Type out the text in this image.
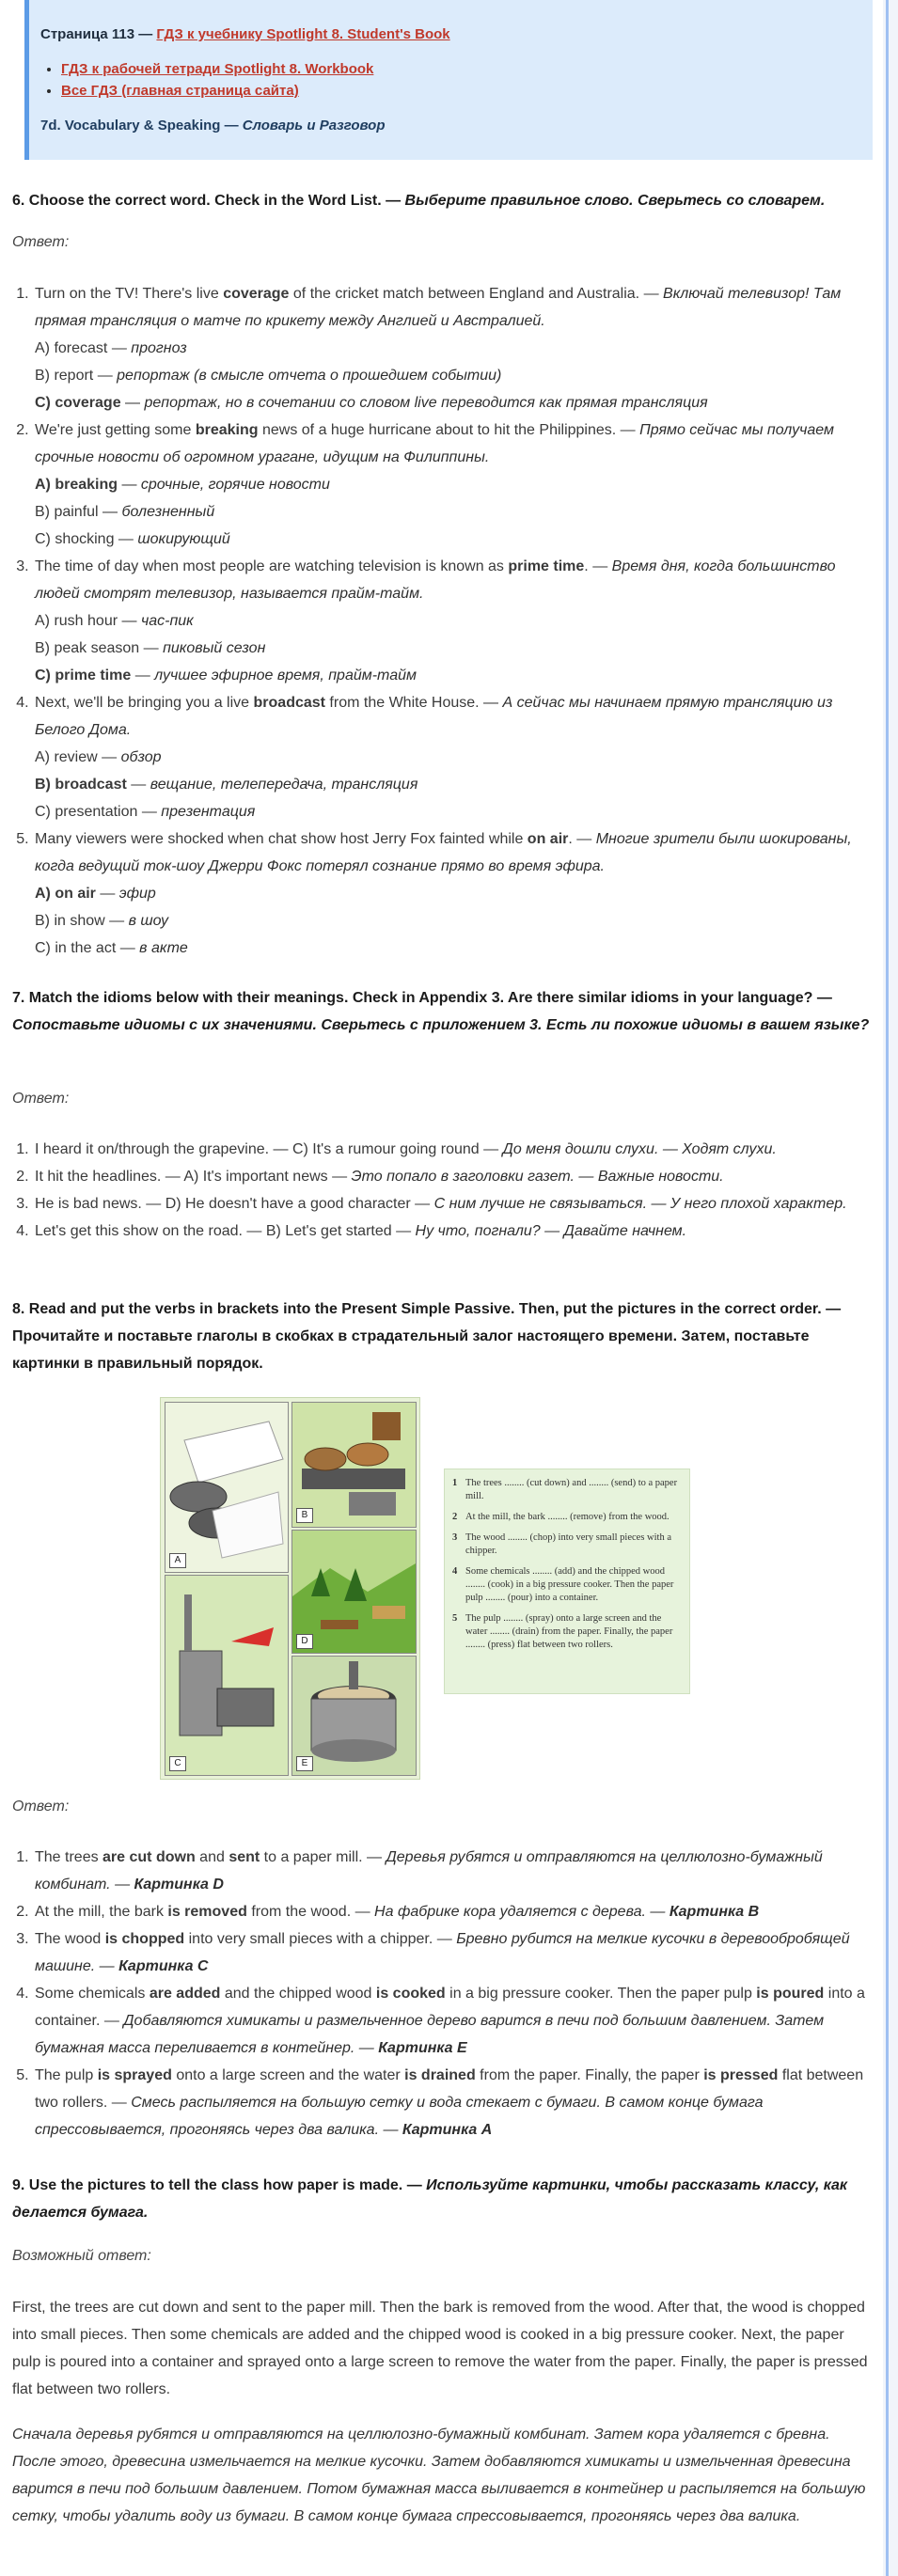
Страница 113 — ГДЗ к учебнику Spotlight 8. Student's Book
• ГДЗ к рабочей тетради Spotlight 8. Workbook
• Все ГДЗ (главная страница сайта)
7d. Vocabulary & Speaking — Словарь и Разговор
6. Choose the correct word. Check in the Word List. — Выберите правильное слово. Сверьтесь со словарем.

Ответ:

1. Turn on the TV! There's live coverage of the cricket match between England and Australia. — Включай телевизор! Там прямая трансляция о матче по крикету между Англией и Австралией.
A) forecast — прогноз
B) report — репортаж (в смысле отчета о прошедшем событии)
C) coverage — репортаж, но в сочетании со словом live переводится как прямая трансляция
2. We're just getting some breaking news of a huge hurricane about to hit the Philippines. — Прямо сейчас мы получаем срочные новости об огромном урагане, идущим на Филиппины.
A) breaking — срочные, горячие новости
B) painful — болезненный
C) shocking — шокирующий
3. The time of day when most people are watching television is known as prime time. — Время дня, когда большинство людей смотрят телевизор, называется прайм-тайм.
A) rush hour — час-пик
B) peak season — пиковый сезон
C) prime time — лучшее эфирное время, прайм-тайм
4. Next, we'll be bringing you a live broadcast from the White House. — А сейчас мы начинаем прямую трансляцию из Белого Дома.
A) review — обзор
B) broadcast — вещание, телепередача, трансляция
C) presentation — презентация
5. Many viewers were shocked when chat show host Jerry Fox fainted while on air. — Многие зрители были шокированы, когда ведущий ток-шоу Джерри Фокс потерял сознание прямо во время эфира.
A) on air — эфир
B) in show — в шоу
C) in the act — в акте
7. Match the idioms below with their meanings. Check in Appendix 3. Are there similar idioms in your language? — Сопоставьте идиомы с их значениями. Сверьтесь с приложением 3. Есть ли похожие идиомы в вашем языке?

Ответ:

1. I heard it on/through the grapevine. — C) It's a rumour going round — До меня дошли слухи. — Ходят слухи.
2. It hit the headlines. — A) It's important news — Это попало в заголовки газет. — Важные новости.
3. He is bad news. — D) He doesn't have a good character — С ним лучше не связываться. — У него плохой характер.
4. Let's get this show on the road. — B) Let's get started — Ну что, погнали? — Давайте начнем.
8. Read and put the verbs in brackets into the Present Simple Passive. Then, put the pictures in the correct order. — Прочитайте и поставьте глаголы в скобках в страдательный залог настоящего времени. Затем, поставьте картинки в правильный порядок.
A
B
D
C	E
1 The trees ........ (cut down) and ........ (send) to a paper mill.
2 At the mill, the bark ........ (remove) from the wood.
3 The wood ........ (chop) into very small pieces with a chipper.
4 Some chemicals ........ (add) and the chipped wood ........ (cook) in a big pressure cooker. Then the paper pulp ........ (pour) into a container.
5 The pulp ........ (spray) onto a large screen and the water ........ (drain) from the paper. Finally, the paper ........ (press) flat between two rollers.

Ответ:

1. The trees are cut down and sent to a paper mill. — Деревья рубятся и отправляются на целлюлозно-бумажный комбинат. — Картинка D
2. At the mill, the bark is removed from the wood. — На фабрике кора удаляется с дерева. — Картинка B
3. The wood is chopped into very small pieces with a chipper. — Бревно рубится на мелкие кусочки в деревообробящей машине. — Картинка C
4. Some chemicals are added and the chipped wood is cooked in a big pressure cooker. Then the paper pulp is poured into a container. — Добавляются химикаты и размельченное дерево варится в печи под большим давлением. Затем бумажная масса переливается в контейнер. — Картинка E
5. The pulp is sprayed onto a large screen and the water is drained from the paper. Finally, the paper is pressed flat between two rollers. — Смесь распыляется на большую сетку и вода стекает с бумаги. В самом конце бумага спрессовывается, прогоняясь через два валика. — Картинка A
9. Use the pictures to tell the class how paper is made. — Используйте картинки, чтобы рассказать классу, как делается бумага.

Возможный ответ:

First, the trees are cut down and sent to the paper mill. Then the bark is removed from the wood. After that, the wood is chopped into small pieces. Then some chemicals are added and the chipped wood is cooked in a big pressure cooker. Next, the paper pulp is poured into a container and sprayed onto a large screen to remove the water from the paper. Finally, the paper is pressed flat between two rollers.

Сначала деревья рубятся и отправляются на целлюлозно-бумажный комбинат. Затем кора удаляется с бревна. После этого, древесина измельчается на мелкие кусочки. Затем добавляются химикаты и измельченная древесина варится в печи под большим давлением. Потом бумажная масса выливается в контейнер и распыляется на большую сетку, чтобы удалить воду из бумаги. В самом конце бумага спрессовывается, прогоняясь через два валика.
